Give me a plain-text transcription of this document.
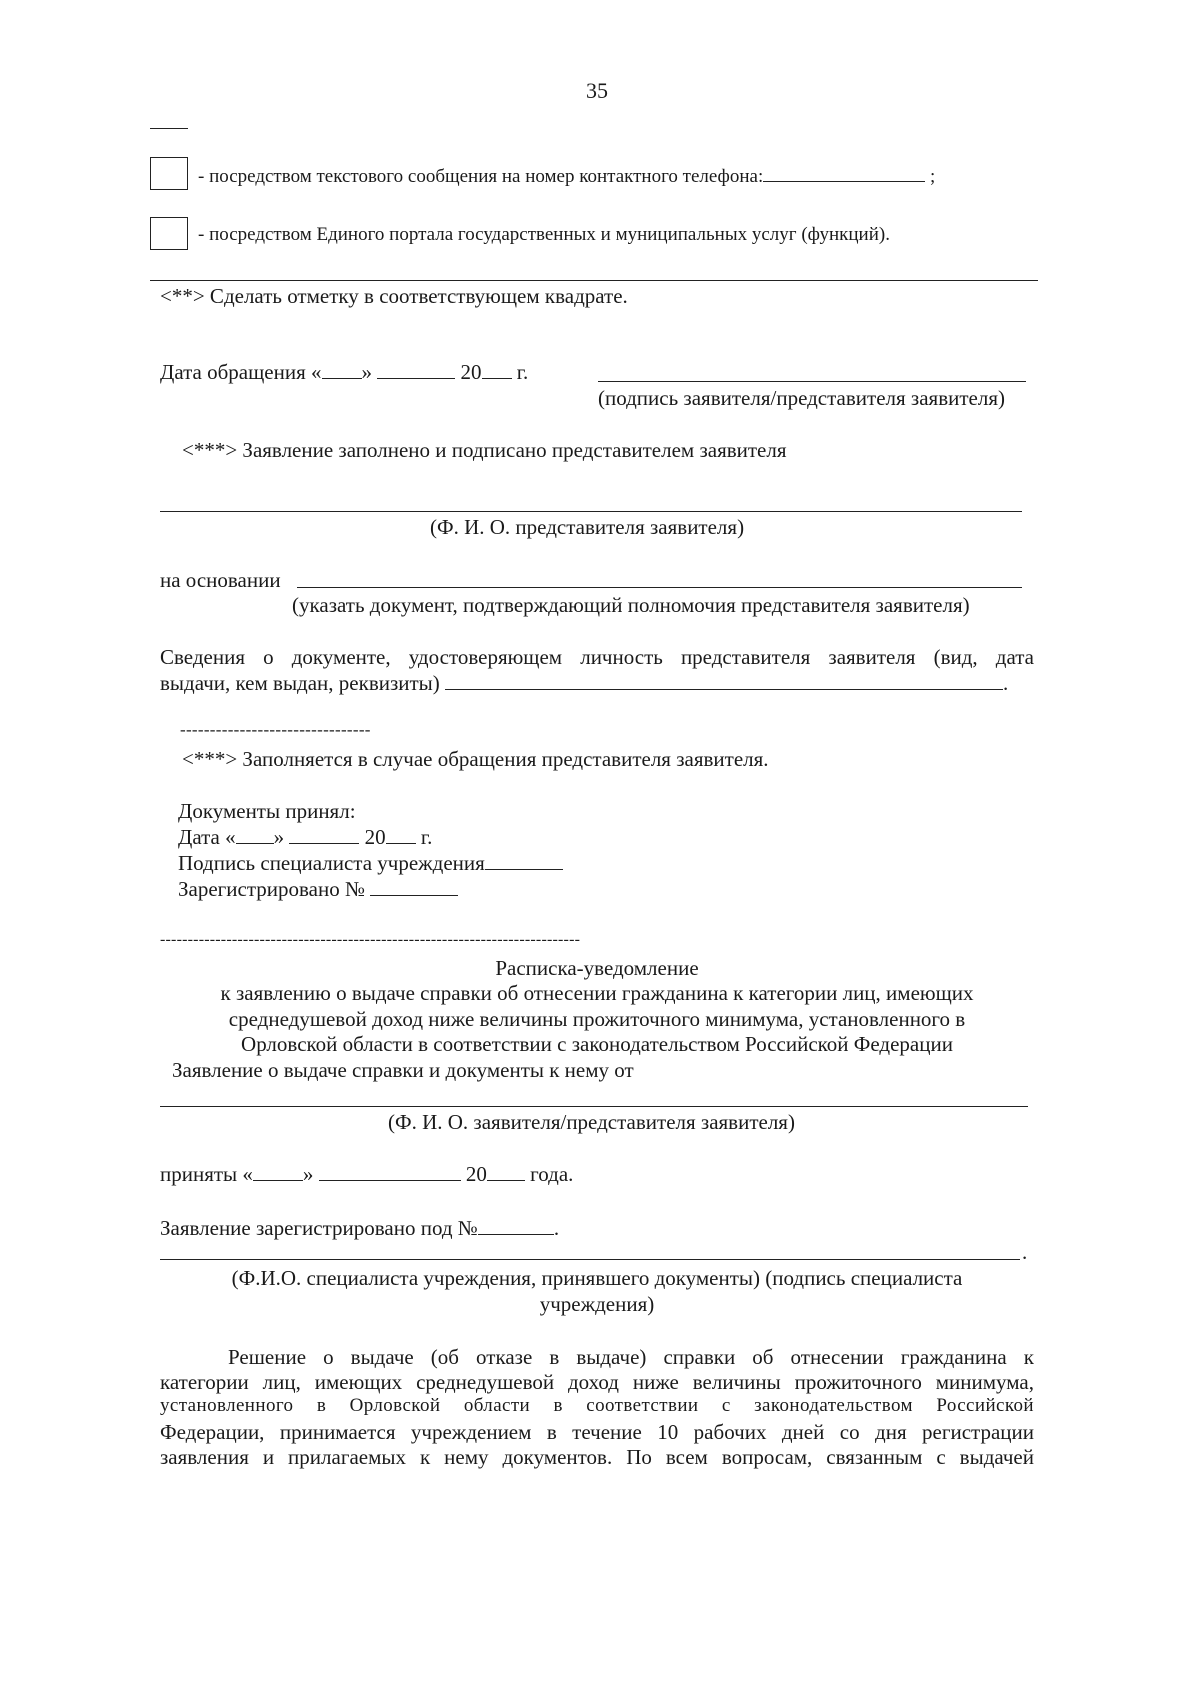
35
- посредством текстового сообщения на номер контактного телефона:	;
- посредством Единого портала государственных и муниципальных услуг (функций).
<**> Сделать отметку в соответствующем квадрате.
Дата обращения « »	20 г.
(подпись заявителя/представителя заявителя)
<***> Заявление заполнено и подписано представителем заявителя
(Ф. И. О. представителя заявителя)
на основании
(указать документ, подтверждающий полномочия представителя заявителя)
Сведения о документе, удостоверяющем личность представителя заявителя (вид, дата
выдачи, кем выдан, реквизиты)	.
--------------------------------
<***> Заполняется в случае обращения представителя заявителя.
Документы принял:
Дата « »	20 г.
Подпись специалиста учреждения
Зарегистрировано №
----------------------------------------------------------------------------
Расписка-уведомление
к заявлению о выдаче справки об отнесении гражданина к категории лиц, имеющих
среднедушевой доход ниже величины прожиточного минимума, установленного в
Орловской области в соответствии с законодательством Российской Федерации
Заявление о выдаче справки и документы к нему от
(Ф. И. О. заявителя/представителя заявителя)
приняты « »	20 года.
Заявление зарегистрировано под №	.
.
(Ф.И.О. специалиста учреждения, принявшего документы) (подпись специалиста
учреждения)
Решение о выдаче (об отказе в выдаче) справки об отнесении гражданина к
категории лиц, имеющих среднедушевой доход ниже величины прожиточного минимума,
установленного в Орловской области в соответствии с законодательством Российской
Федерации, принимается учреждением в течение 10 рабочих дней со дня регистрации
заявления и прилагаемых к нему документов. По всем вопросам, связанным с выдачей
